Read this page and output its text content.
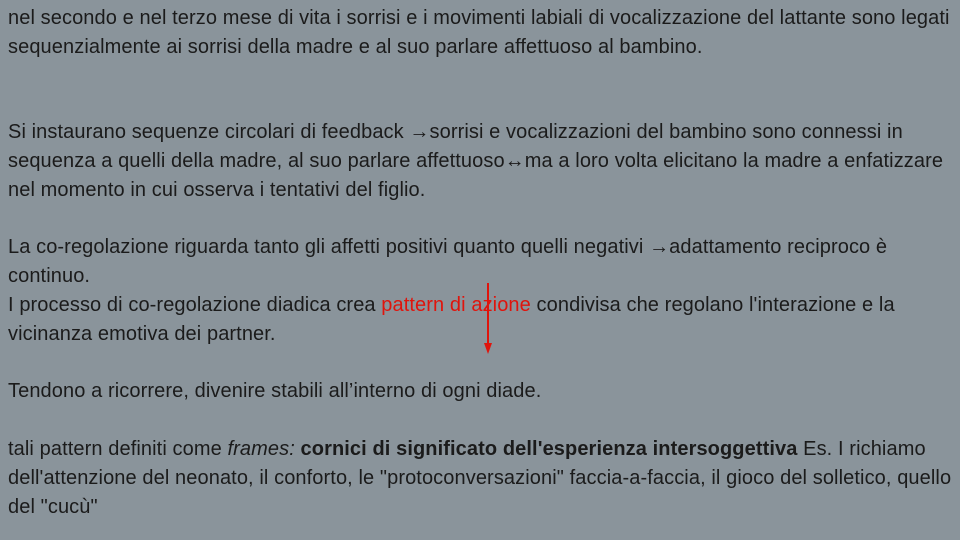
nel secondo e nel terzo mese di vita i sorrisi e i movimenti labiali di vocalizzazione del lattante sono legati sequenzialmente ai sorrisi della madre e al suo parlare affettuoso al bambino.

Si instaurano sequenze circolari di feedback →sorrisi e vocalizzazioni del bambino sono connessi in sequenza a quelli della madre, al suo parlare affettuoso↔ma a loro volta elicitano la madre a enfatizzare nel momento in cui osserva i tentativi del figlio.

La co-regolazione riguarda tanto gli affetti positivi quanto quelli negativi →adattamento reciproco è continuo.
I processo di co-regolazione diadica crea pattern di azione condivisa che regolano l'interazione e la vicinanza emotiva dei partner.

Tendono a ricorrere, divenire stabili all’interno di ogni diade.

tali pattern definiti come frames: cornici di significato dell'esperienza intersoggettiva Es. I richiamo dell'attenzione del neonato, il conforto, le "protoconversazioni" faccia-a-faccia, il gioco del solletico, quello del "cucù"
